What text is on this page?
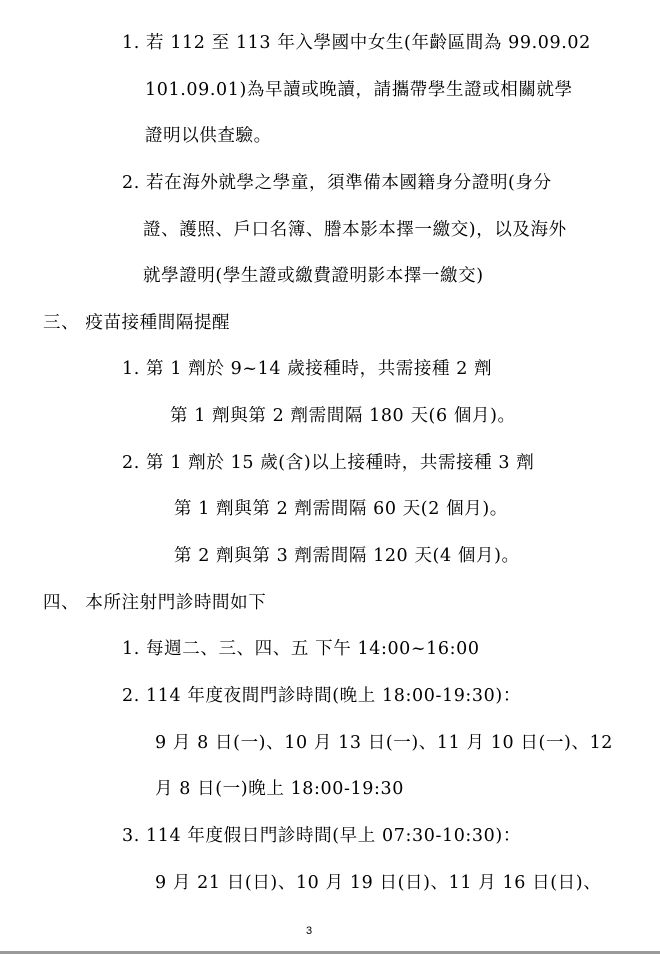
1. 若 112 至 113 年入學國中女生(年齡區間為 99.09.02
101.09.01)為早讀或晚讀，請攜帶學生證或相關就學
證明以供查驗。
2. 若在海外就學之學童，須準備本國籍身分證明(身分
證、護照、戶口名簿、謄本影本擇一繳交)，以及海外
就學證明(學生證或繳費證明影本擇一繳交)
三、 疫苗接種間隔提醒
1. 第 1 劑於 9~14 歲接種時，共需接種 2 劑
第 1 劑與第 2 劑需間隔 180 天(6 個月)。
2. 第 1 劑於 15 歲(含)以上接種時，共需接種 3 劑
第 1 劑與第 2 劑需間隔 60 天(2 個月)。
第 2 劑與第 3 劑需間隔 120 天(4 個月)。
四、 本所注射門診時間如下
1. 每週二、三、四、五 下午 14:00~16:00
2. 114 年度夜間門診時間(晚上 18:00-19:30)：
9 月 8 日(一)、10 月 13 日(一)、11 月 10 日(一)、12
月 8 日(一)晚上 18:00-19:30
3. 114 年度假日門診時間(早上 07:30-10:30)：
9 月 21 日(日)、10 月 19 日(日)、11 月 16 日(日)、
3
